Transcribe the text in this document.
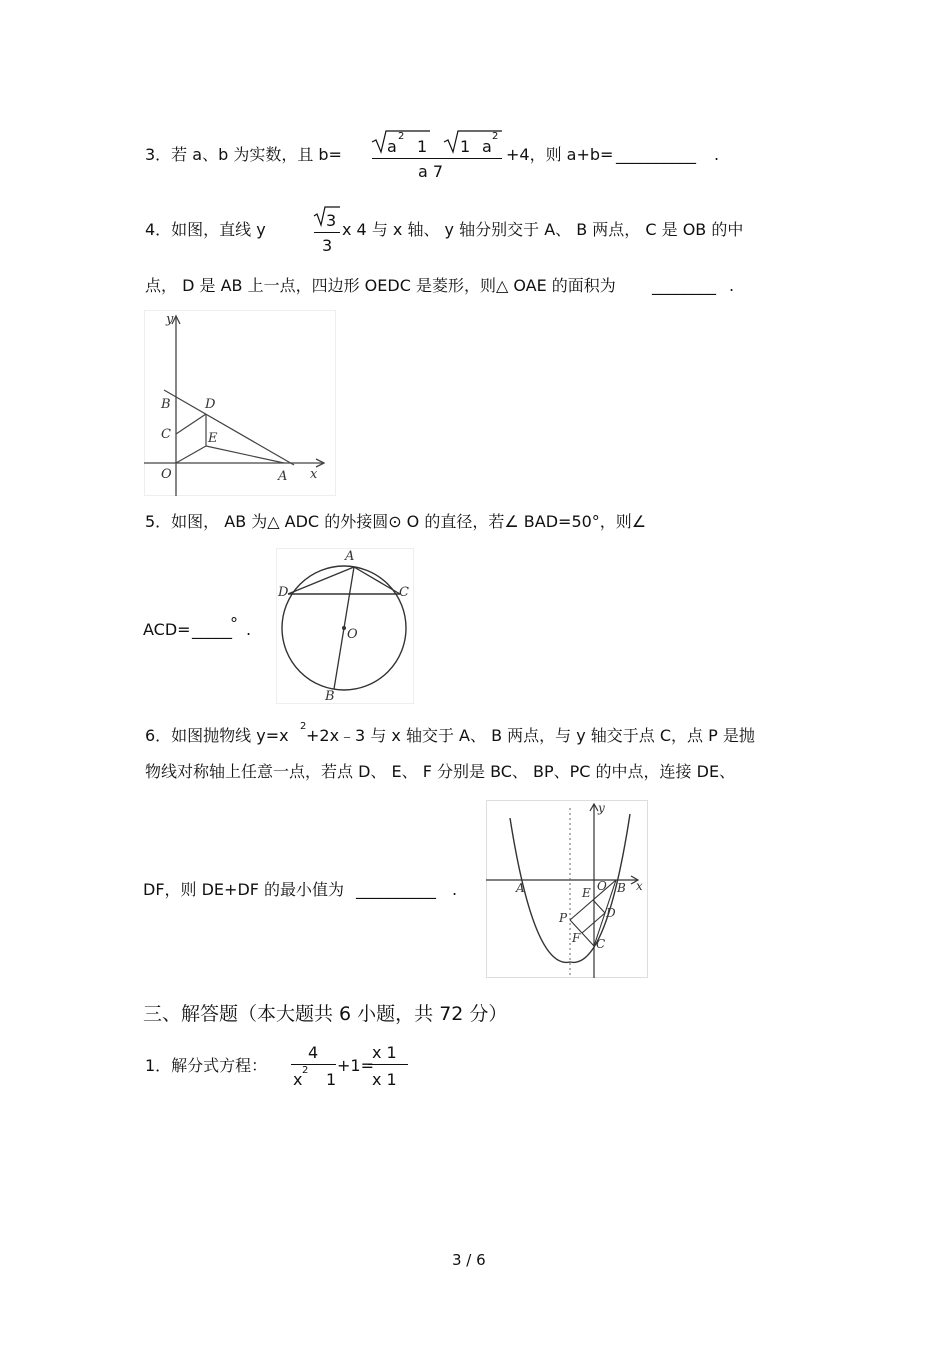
3．若 a、b 为实数，且 b=	a
2
1 1 a
2
a 7
+4，则 a+b= __________ .
4．如图，直线 y	3
3
x 4 与 x 轴、 y 轴分别交于 A、 B 两点， C 是 OB 的中
点， D 是 AB 上一点，四边形 OEDC 是菱形，则△ OAE 的面积为 ________ .
y
x
B
C
D
E
O	A
5．如图， AB 为△ ADC 的外接圆⊙ O 的直径，若∠ BAD=50°，则∠
ACD= _____
° .
A
D	C
O
B
6．如图抛物线 y=x 2 +2x﹣3 与 x 轴交于 A、 B 两点，与 y 轴交于点 C，点 P 是抛
物线对称轴上任意一点，若点 D、 E、 F 分别是 BC、 BP、PC 的中点，连接 DE、
DF，则 DE+DF 的最小值为 __________ .	A
y
x
O B
E
P	D
F C
三、解答题（本大题共 6 小题，共 72 分）
1．解分式方程：
4
x 2 1
+1=
x 1
x 1
3 / 6
